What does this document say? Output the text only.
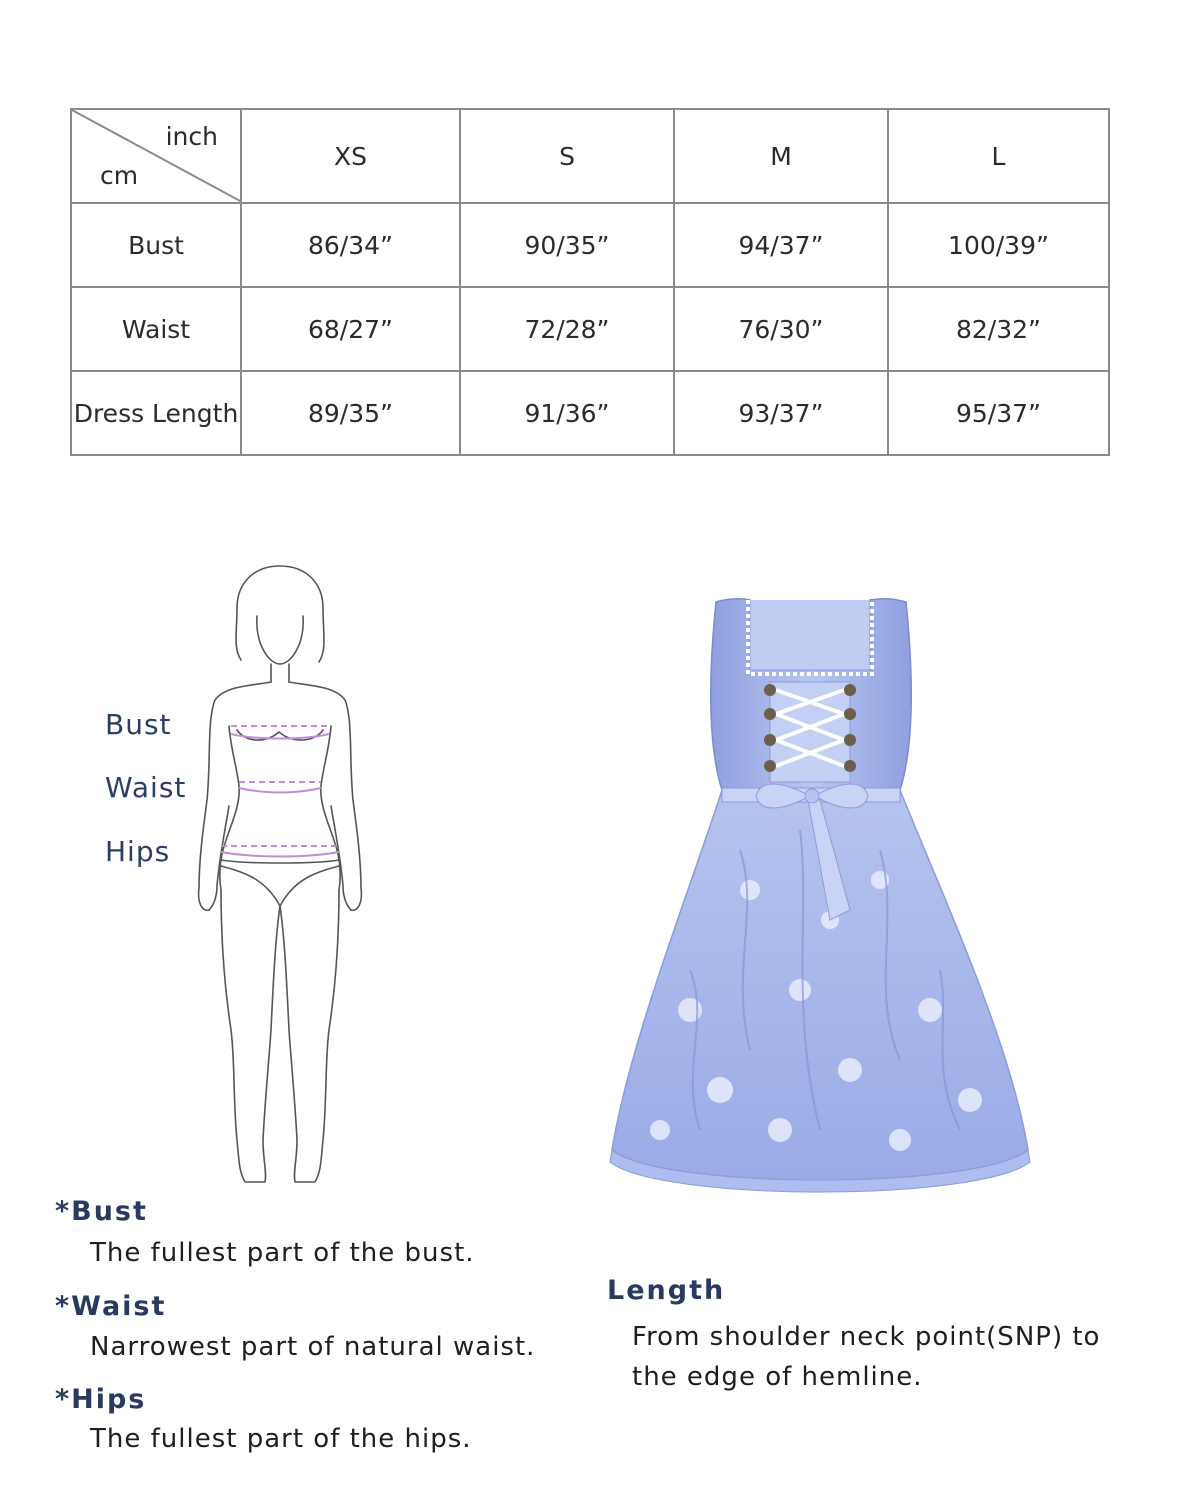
inch
cm	XS	S	M	L
Bust	86/34”	90/35”	94/37”	100/39”
Waist	68/27”	72/28”	76/30”	82/32”
Dress Length	89/35”	91/36”	93/37”	95/37”
Bust
Waist
Hips
*Bust
The fullest part of the bust.
*Waist
Narrowest part of natural waist.
*Hips
The fullest part of the hips.
Length
From shoulder neck point(SNP) to
the edge of hemline.
